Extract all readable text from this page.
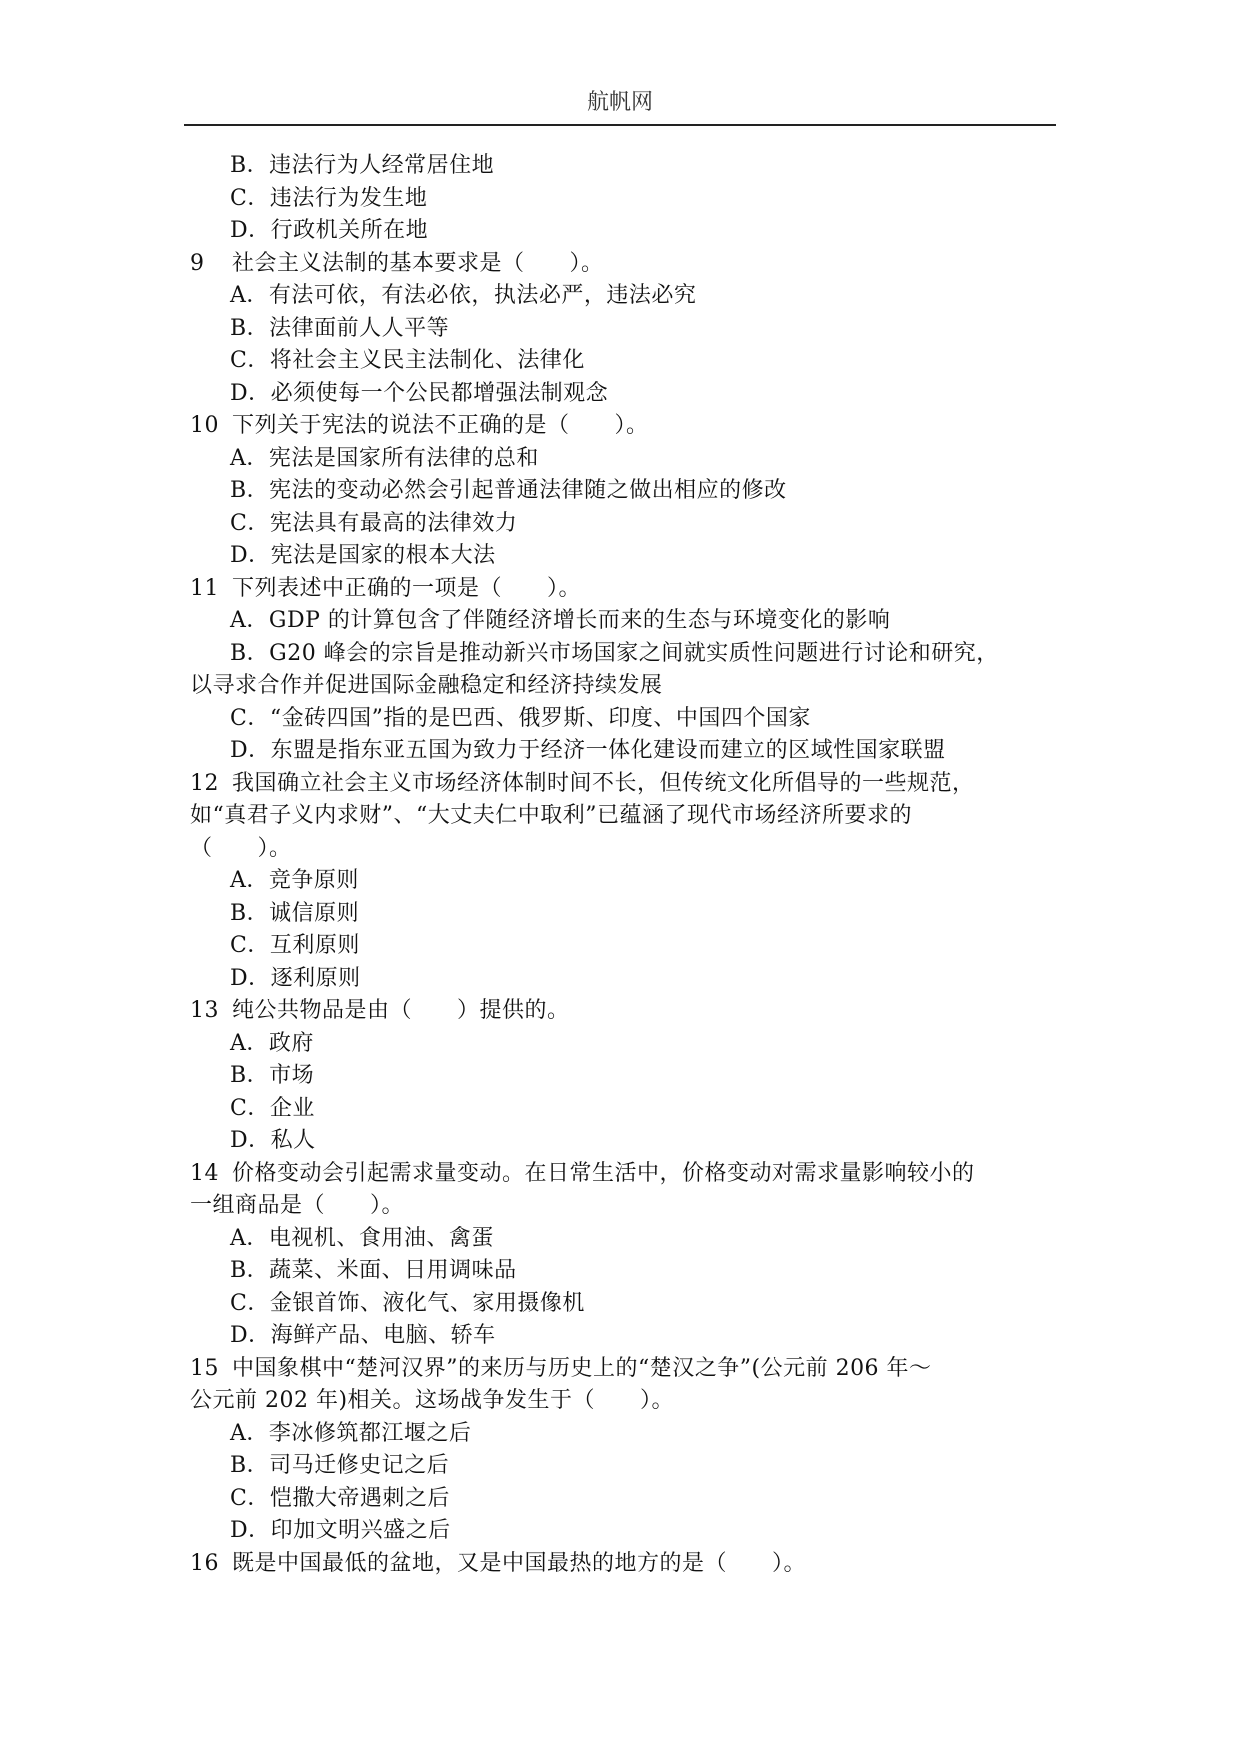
航帆网
B．违法行为人经常居住地
C．违法行为发生地
D．行政机关所在地
9 社会主义法制的基本要求是（　　）。
A．有法可依，有法必依，执法必严，违法必究
B．法律面前人人平等
C．将社会主义民主法制化、法律化
D．必须使每一个公民都增强法制观念
10 下列关于宪法的说法不正确的是（　　）。
A．宪法是国家所有法律的总和
B．宪法的变动必然会引起普通法律随之做出相应的修改
C．宪法具有最高的法律效力
D．宪法是国家的根本大法
11 下列表述中正确的一项是（　　）。
A．GDP 的计算包含了伴随经济增长而来的生态与环境变化的影响
B．G20 峰会的宗旨是推动新兴市场国家之间就实质性问题进行讨论和研究，
以寻求合作并促进国际金融稳定和经济持续发展
C．“金砖四国”指的是巴西、俄罗斯、印度、中国四个国家
D．东盟是指东亚五国为致力于经济一体化建设而建立的区域性国家联盟
12 我国确立社会主义市场经济体制时间不长，但传统文化所倡导的一些规范，
如“真君子义内求财”、“大丈夫仁中取利”已蕴涵了现代市场经济所要求的
（　　）。
A．竞争原则
B．诚信原则
C．互利原则
D．逐利原则
13 纯公共物品是由（　　）提供的。
A．政府
B．市场
C．企业
D．私人
14 价格变动会引起需求量变动。在日常生活中，价格变动对需求量影响较小的
一组商品是（　　）。
A．电视机、食用油、禽蛋
B．蔬菜、米面、日用调味品
C．金银首饰、液化气、家用摄像机
D．海鲜产品、电脑、轿车
15 中国象棋中“楚河汉界”的来历与历史上的“楚汉之争”(公元前 206 年～
公元前 202 年)相关。这场战争发生于（　　）。
A．李冰修筑都江堰之后
B．司马迁修史记之后
C．恺撒大帝遇刺之后
D．印加文明兴盛之后
16 既是中国最低的盆地，又是中国最热的地方的是（　　）。
